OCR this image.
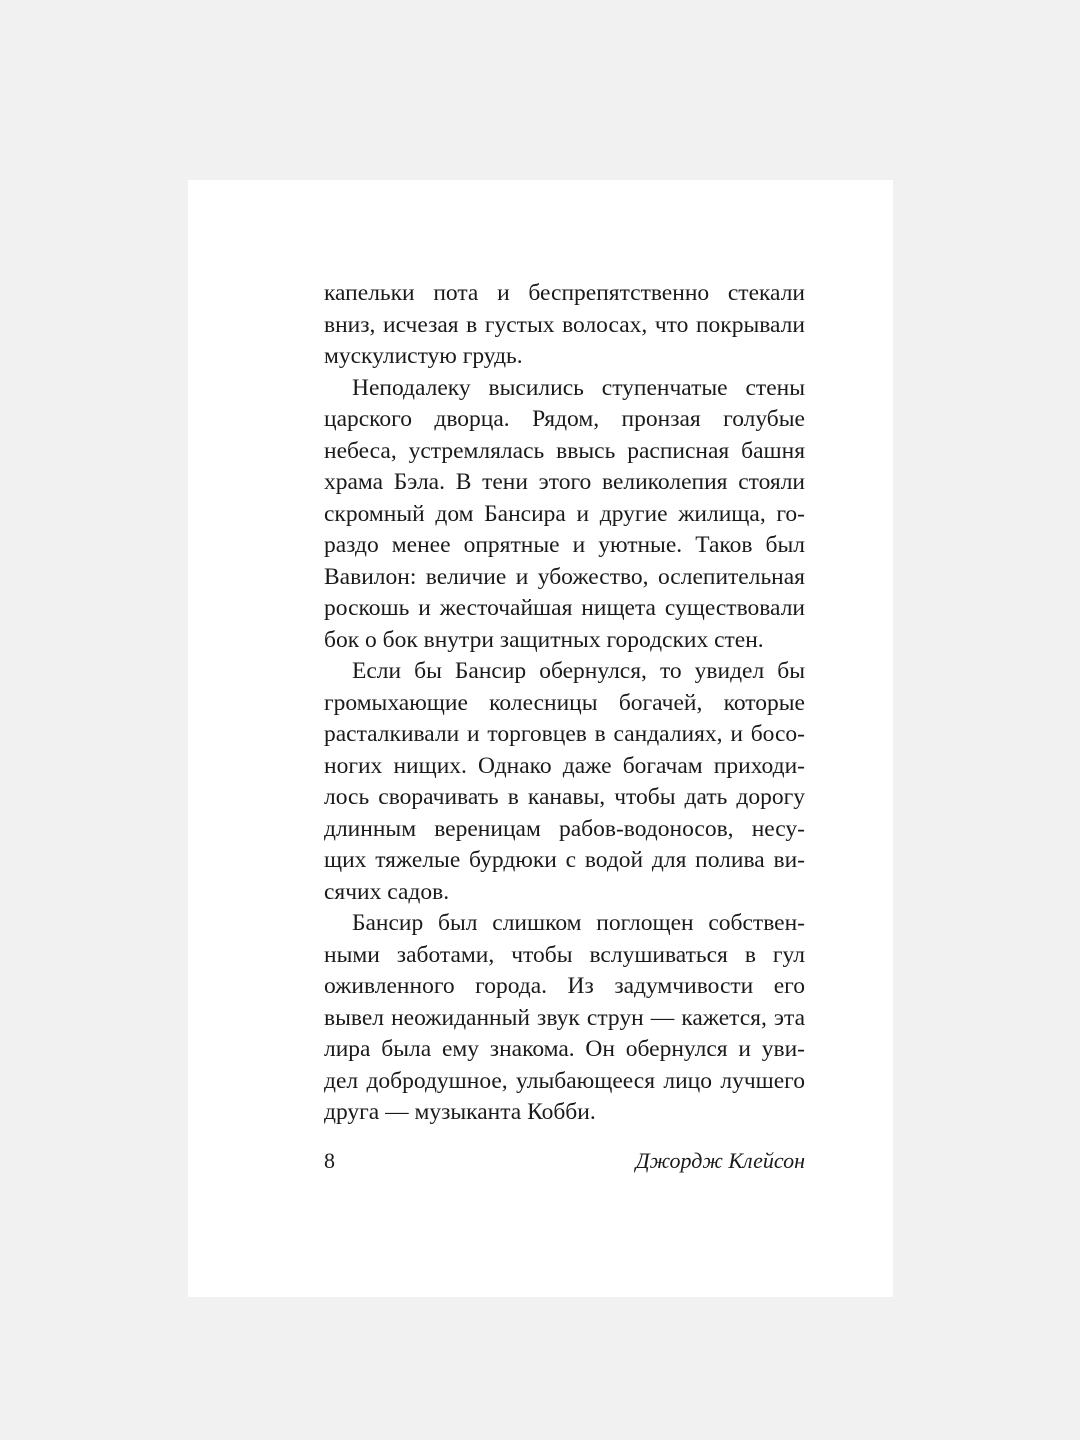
капельки пота и беспрепятственно стекали
вниз, исчезая в густых волосах, что покрывали
мускулистую грудь.
Неподалеку высились ступенчатые стены
царского дворца. Рядом, пронзая голубые
небеса, устремлялась ввысь расписная башня
храма Бэла. В тени этого великолепия стояли
скромный дом Бансира и другие жилища, го-
раздо менее опрятные и уютные. Таков был
Вавилон: величие и убожество, ослепительная
роскошь и жесточайшая нищета существовали
бок о бок внутри защитных городских стен.
Если бы Бансир обернулся, то увидел бы
громыхающие колесницы богачей, которые
расталкивали и торговцев в сандалиях, и босо-
ногих нищих. Однако даже богачам приходи-
лось сворачивать в канавы, чтобы дать дорогу
длинным вереницам рабов-водоносов, несу-
щих тяжелые бурдюки с водой для полива ви-
сячих садов.
Бансир был слишком поглощен собствен-
ными заботами, чтобы вслушиваться в гул
оживленного города. Из задумчивости его
вывел неожиданный звук струн — кажется, эта
лира была ему знакома. Он обернулся и уви-
дел добродушное, улыбающееся лицо лучшего
друга — музыканта Кобби.
8	Джордж Клейсон
